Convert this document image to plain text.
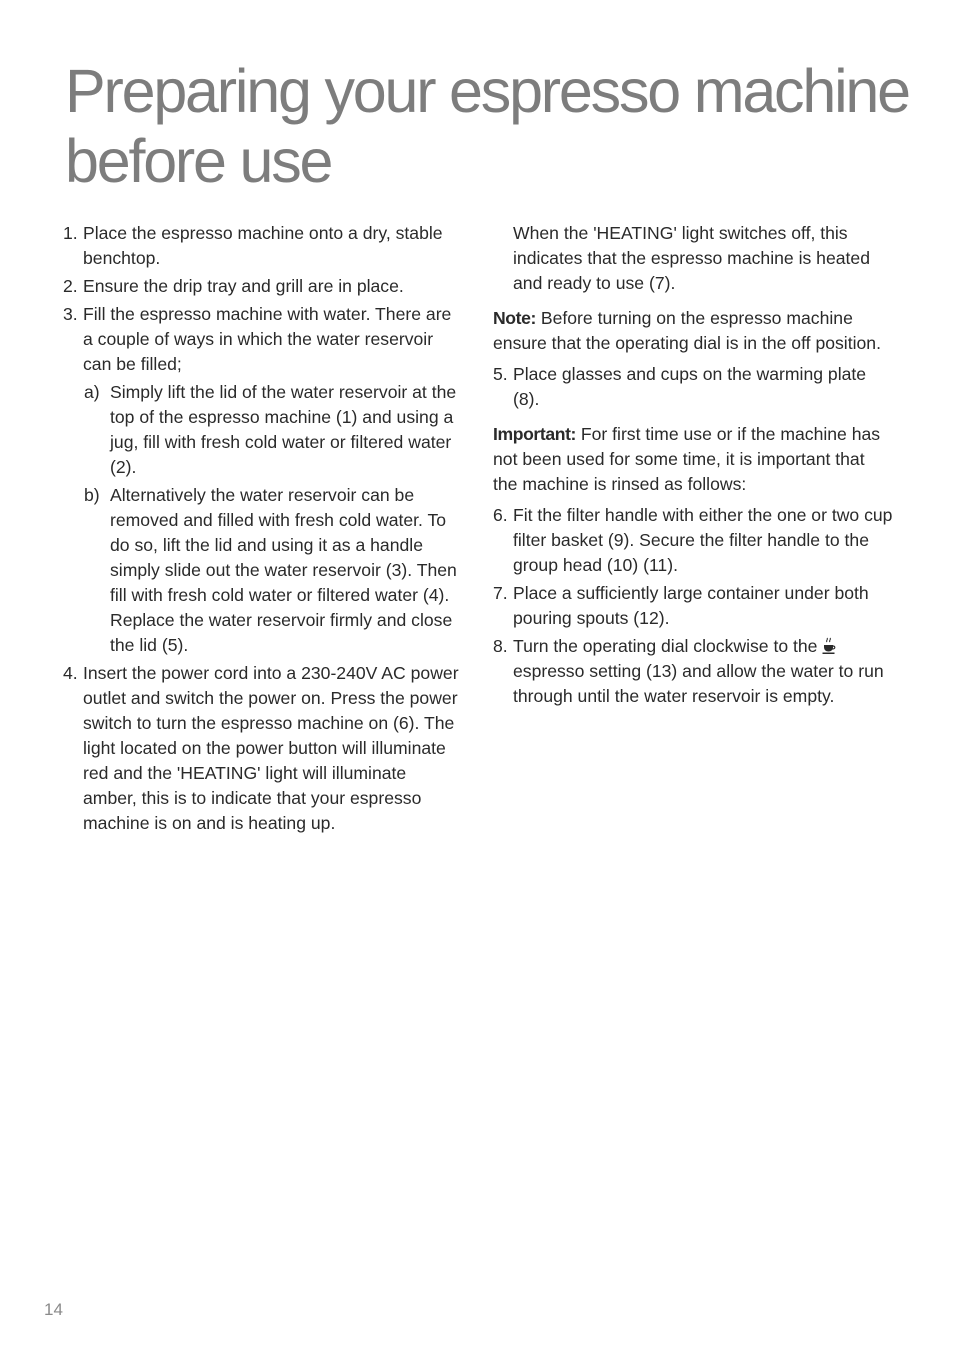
Preparing your espresso machine before use
1. Place the espresso machine onto a dry, stable benchtop.
2. Ensure the drip tray and grill are in place.
3. Fill the espresso machine with water. There are a couple of ways in which the water reservoir can be filled;
a) Simply lift the lid of the water reservoir at the top of the espresso machine (1) and using a jug, fill with fresh cold water or filtered water (2).
b) Alternatively the water reservoir can be removed and filled with fresh cold water. To do so, lift the lid and using it as a handle simply slide out the water reservoir (3). Then fill with fresh cold water or filtered water (4). Replace the water reservoir firmly and close the lid (5).
4. Insert the power cord into a 230-240V AC power outlet and switch the power on. Press the power switch to turn the espresso machine on (6). The light located on the power button will illuminate red and the 'HEATING' light will illuminate amber, this is to indicate that your espresso machine is on and is heating up.
When the 'HEATING' light switches off, this indicates that the espresso machine is heated and ready to use (7).
Note: Before turning on the espresso machine ensure that the operating dial is in the off position.
5. Place glasses and cups on the warming plate (8).
Important: For first time use or if the machine has not been used for some time, it is important that the machine is rinsed as follows:
6. Fit the filter handle with either the one or two cup filter basket (9). Secure the filter handle to the group head (10) (11).
7. Place a sufficiently large container under both pouring spouts (12).
8. Turn the operating dial clockwise to the  espresso setting (13) and allow the water to run through until the water reservoir is empty.
14
